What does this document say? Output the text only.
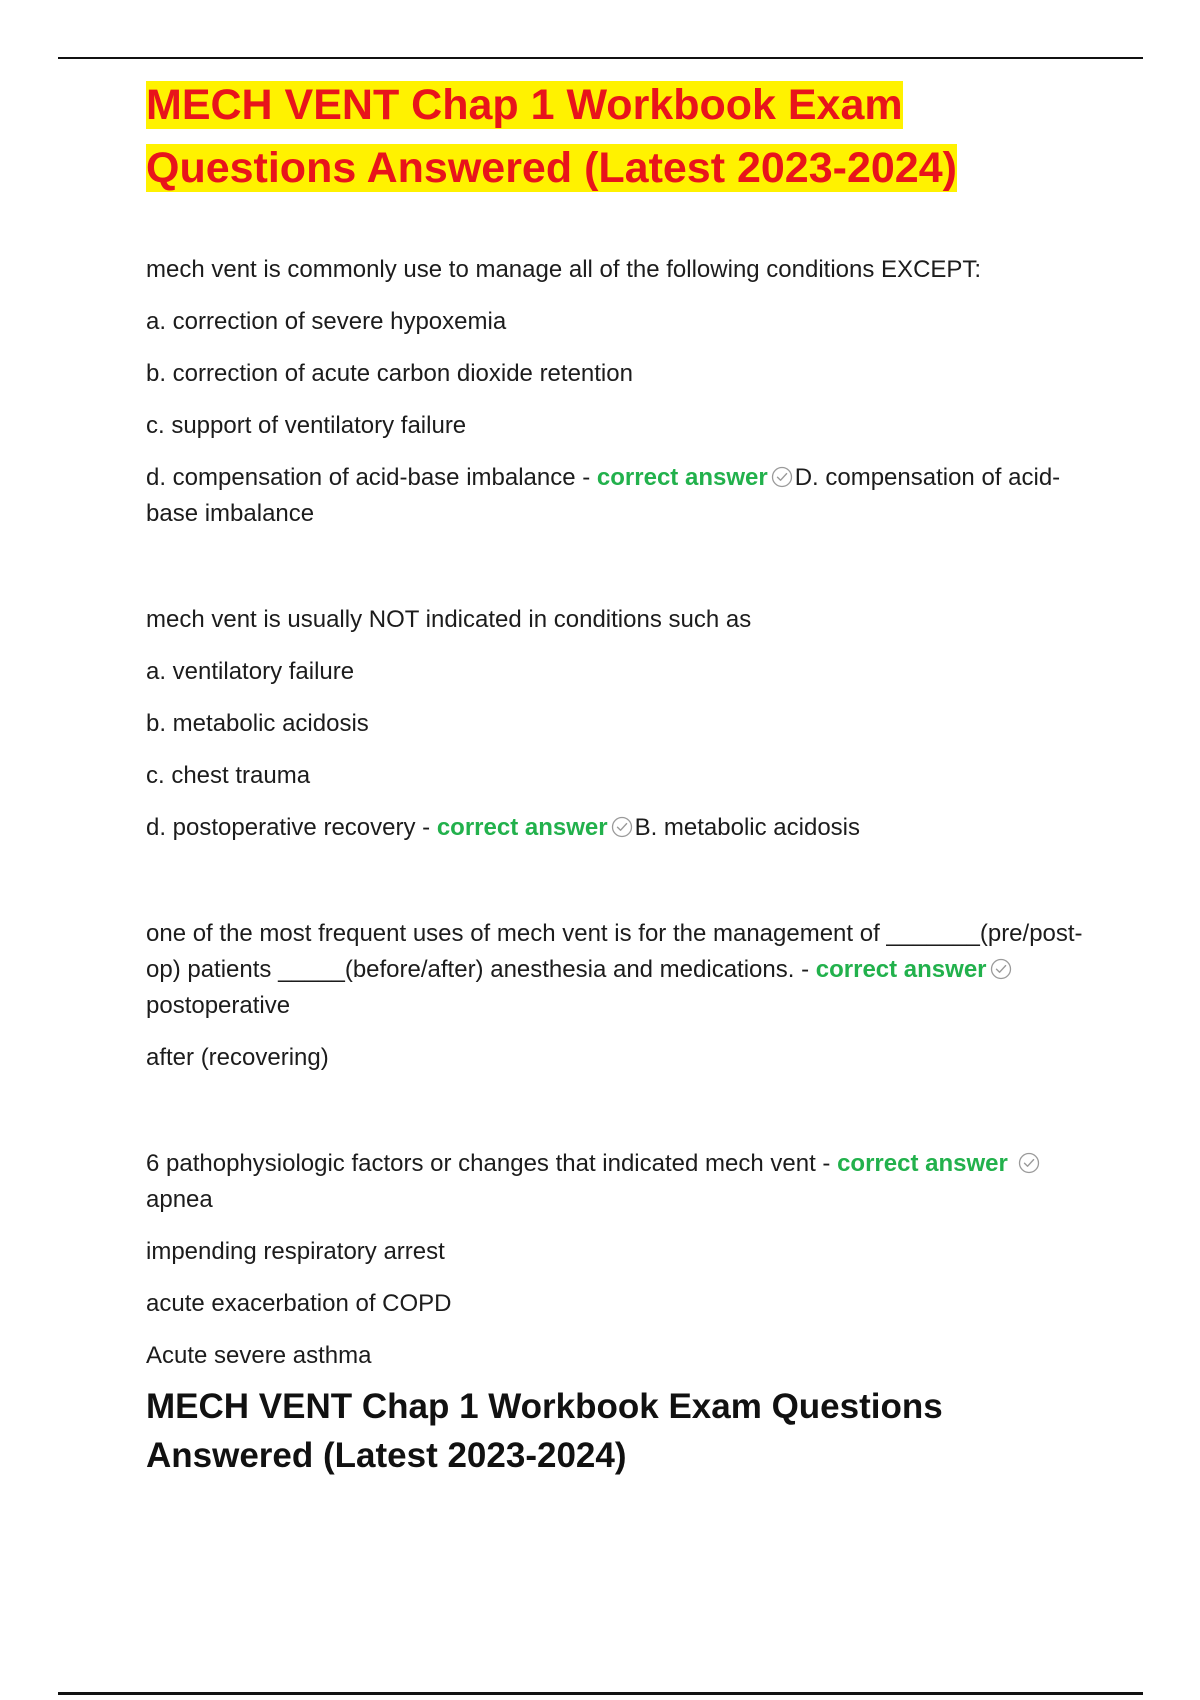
MECH VENT Chap 1 Workbook Exam Questions Answered (Latest 2023-2024)

mech vent is commonly use to manage all of the following conditions EXCEPT:

a. correction of severe hypoxemia

b. correction of acute carbon dioxide retention

c. support of ventilatory failure

d. compensation of acid-base imbalance - correct answer D. compensation of acid-base imbalance

mech vent is usually NOT indicated in conditions such as

a. ventilatory failure

b. metabolic acidosis

c. chest trauma

d. postoperative recovery - correct answer B. metabolic acidosis

one of the most frequent uses of mech vent is for the management of _______(pre/post-op) patients _____(before/after) anesthesia and medications. - correct answer
postoperative

after (recovering)

6 pathophysiologic factors or changes that indicated mech vent - correct answer
apnea

impending respiratory arrest

acute exacerbation of COPD

Acute severe asthma

MECH VENT Chap 1 Workbook Exam Questions Answered (Latest 2023-2024)
